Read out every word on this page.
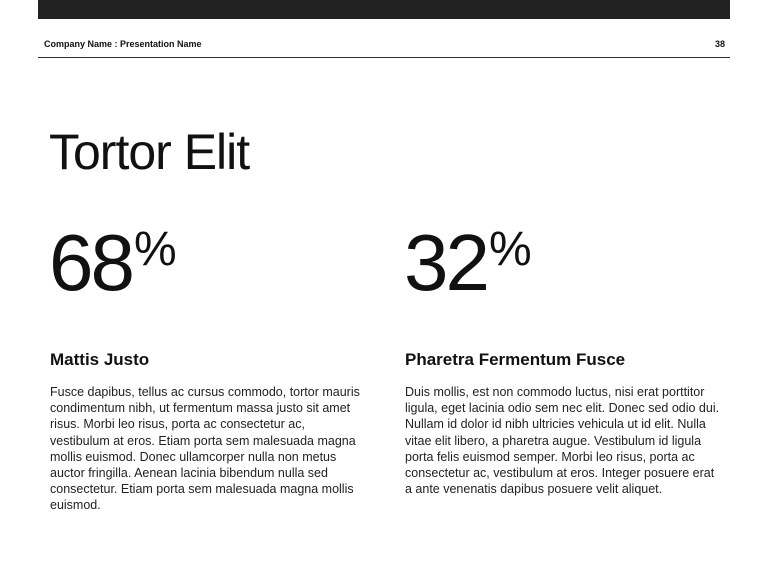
Company Name : Presentation Name	38
Tortor Elit
68%	32%
Mattis Justo

Fusce dapibus, tellus ac cursus commodo, tortor mauris condimentum nibh, ut fermentum massa justo sit amet risus. Morbi leo risus, porta ac consectetur ac, vestibulum at eros. Etiam porta sem malesuada magna mollis euismod. Donec ullamcorper nulla non metus auctor fringilla. Aenean lacinia bibendum nulla sed consectetur. Etiam porta sem malesuada magna mollis euismod.

Pharetra Fermentum Fusce

Duis mollis, est non commodo luctus, nisi erat porttitor ligula, eget lacinia odio sem nec elit. Donec sed odio dui. Nullam id dolor id nibh ultricies vehicula ut id elit. Nulla vitae elit libero, a pharetra augue. Vestibulum id ligula porta felis euismod semper. Morbi leo risus, porta ac consectetur ac, vestibulum at eros. Integer posuere erat a ante venenatis dapibus posuere velit aliquet.
